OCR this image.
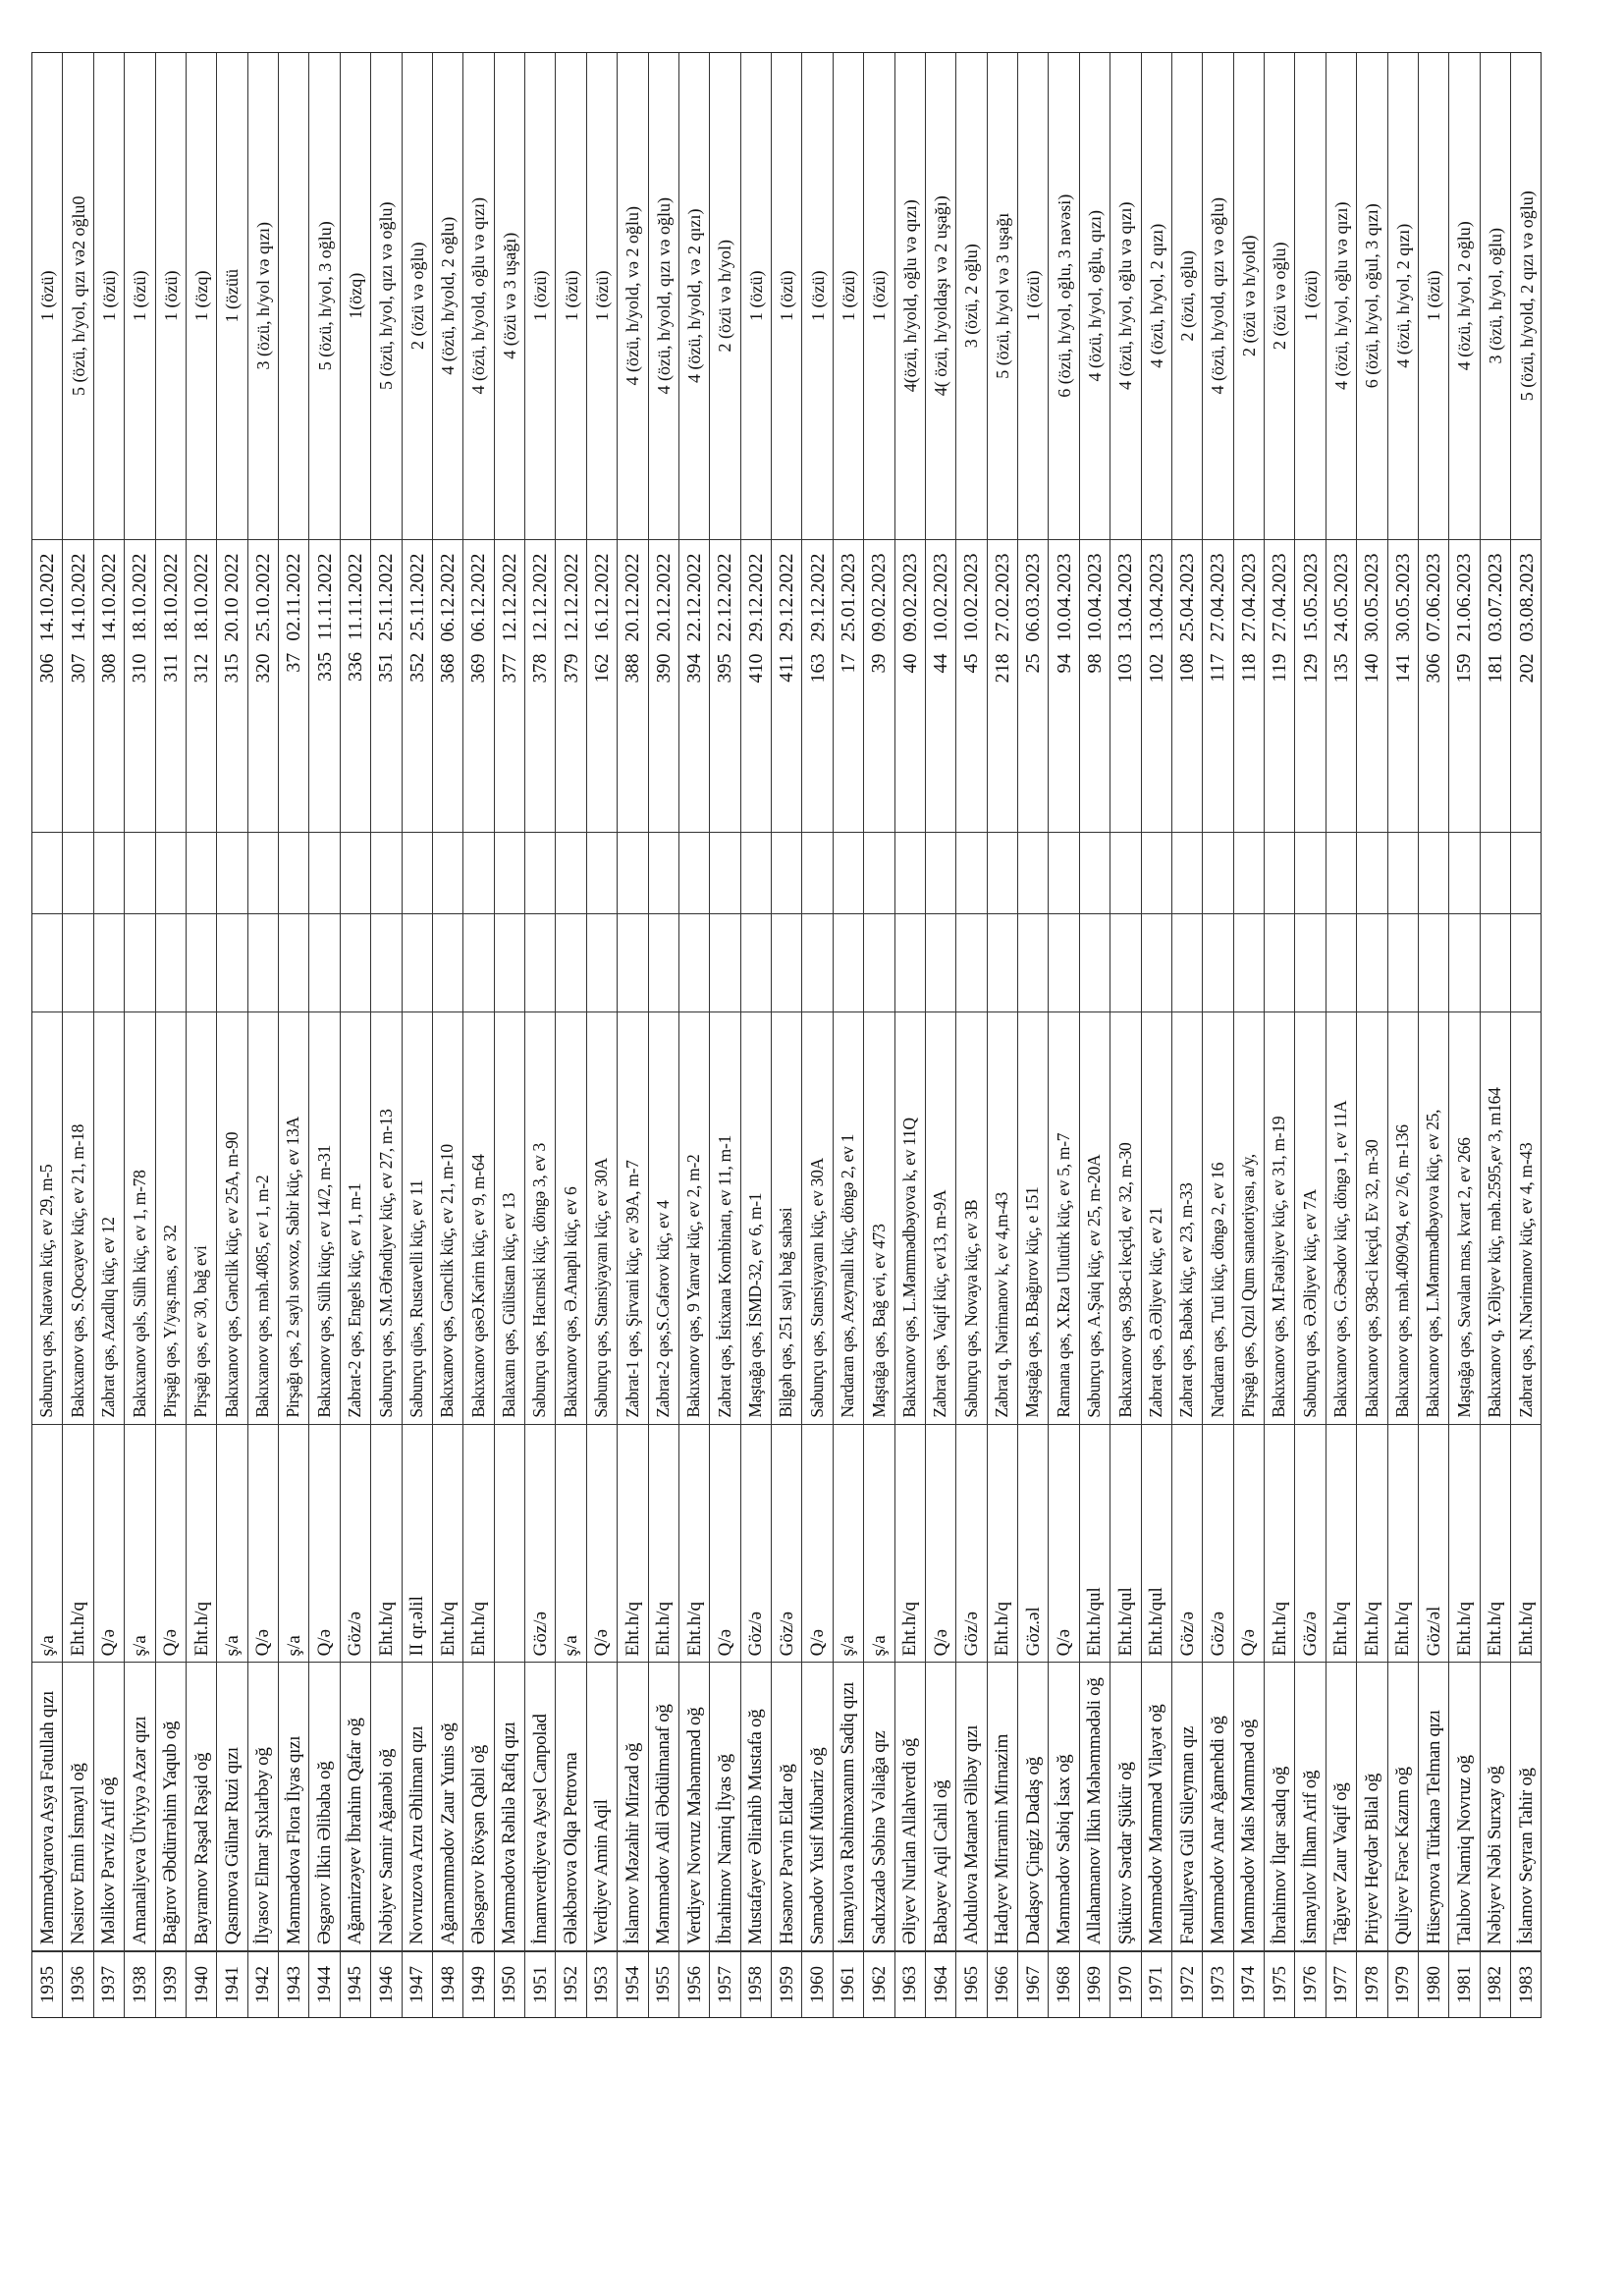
1935
Məmmədyarova Asya Fətullah qızı
ş/a
Sabunçu qəs, Natəvan küç, ev 29, m-5
306
14.10.2022
1 (özü)
1936
Nəsirov Emin İsmayıl oğ
Eht.h/q
Bakıxanov qəs, S.Qocayev küç, ev 21, m-18
307
14.10.2022
5 (özü, h/yol, qızı və2 oğlu0
1937
Məlikov Pərviz Arif oğ
Q/ə
Zabrat qəs, Azadlıq küç, ev 12
308
14.10.2022
1 (özü)
1938
Amanaliyeva Ülviyyə Azər qızı
ş/a
Bakıxanov qəls, Sülh küç, ev 1, m-78
310
18.10.2022
1 (özü)
1939
Bağırov Əbdürrəhim Yaqub oğ
Q/ə
Pirşağı qəs, Y/yaş.mas, ev 32
311
18.10.2022
1 (özü)
1940
Bayramov Rəşad Rəşid oğ
Eht.h/q
Pirşağı qəs, ev 30, bağ evi
312
18.10.2022
1 (özq)
1941
Qasımova Gülnar Ruzi qızı
ş/a
Bakıxanov qəs, Gənclik küç, ev 25A, m-90
315
20.10 2022
1 (özüü
1942
İlyasov Elmar Şıxlarbəy oğ
Q/ə
Bakıxanov qəs, məh.4085, ev 1, m-2
320
25.10.2022
3 (özü, h/yol və qızı)
1943
Məmmədova Flora İlyas qızı
ş/a
Pirşağı qəs, 2 saylı sovxoz, Sabir küç, ev 13A
37
02.11.2022
1944
Əsgərov İlkin Əlibaba oğ
Q/ə
Bakıxanov qəs, Sülh küqç, ev 14/2, m-31
335
11.11.2022
5 (özü, h/yol, 3 oğlu)
1945
Ağamirzəyev İbrahim Qafar oğ
Göz/ə
Zabrat-2 qəs, Engels küç, ev 1, m-1
336
11.11.2022
1(özq)
1946
Nəbiyev Samir Ağanəbi oğ
Eht.h/q
Sabunçu qəs, S.M.Əfəndiyev küç, ev 27, m-13
351
25.11.2022
5 (özü, h/yol, qızı və oğlu)
1947
Novruzova Arzu Əhliman qızı
II qr.əlil
Sabunçu qüəs, Rustavelli küç, ev 11
352
25.11.2022
2 (özü və oğlu)
1948
Ağaməmmədov Zaur Yunis oğ
Eht.h/q
Bakıxanov qəs, Gənclik küç, ev 21, m-10
368
06.12.2022
4 (özü, h/yold, 2 oğlu)
1949
Ələsgərov Rövşən Qabil oğ
Eht.h/q
Bakıxanov qəsƏ.Kərim küç, ev 9, m-64
369
06.12.2022
4 (özü, h/yold, oğlu və qızı)
1950
Məmmədova Rəhilə Rafiq qızı
Balaxanı qəs, Gülüstan küç, ev 13
377
12.12.2022
4 (özü və 3 uşağı)
1951
İmamverdiyeva Aysel Canpolad
Göz/ə
Sabunçu qəs, Hacınski küç, döngə 3, ev 3
378
12.12.2022
1 (özü)
1952
Ələkbərova Olqa Petrovna
ş/a
Bakıxanov qəs, Ə.Anaplı küç, ev 6
379
12.12.2022
1 (özü)
1953
Verdiyev Amin Aqil
Q/ə
Sabunçu qəs, Stansiyayanı küç, ev 30A
162
16.12.2022
1 (özü)
1954
İslamov Məzahir Mirzad oğ
Eht.h/q
Zabrat-1 qəs, Şirvani küç, ev 39A, m-7
388
20.12.2022
4 (özü, h/yold, və 2 oğlu)
1955
Məmmədov Adil Əbdülmanaf oğ
Eht.h/q
Zabrat-2 qəs,S.Cəfərov küç, ev 4
390
20.12.2022
4 (özü, h/yold, qızı və oğlu)
1956
Verdiyev Novruz Məhəmməd oğ
Eht.h/q
Bakıxanov qəs, 9 Yanvar küç, ev 2, m-2
394
22.12.2022
4 (özü, h/yold, və 2 qızı)
1957
İbrahimov Namiq İlyas oğ
Q/ə
Zabrat qəs, İstixana Kombinatı, ev 11, m-1
395
22.12.2022
2 (özü və h/yol)
1958
Mustafayev Əlirahib Mustafa oğ
Göz/ə
Maştağa qəs, İSMD-32, ev 6, m-1
410
29.12.2022
1 (özü)
1959
Həsənov Pərvin Eldar oğ
Göz/ə
Bilgəh qəs, 251 saylı bağ sahəsi
411
29.12.2022
1 (özü)
1960
Səmədov Yusif Mübariz oğ
Q/ə
Sabunçu qəs, Stansiyayanı küç, ev 30A
163
29.12.2022
1 (özü)
1961
İsmayılova Rəhiməxanım Sadiq qızı
ş/a
Nardaran qəs, Azeynallı küç, döngə 2, ev 1
17
25.01.2023
1 (özü)
1962
Sadıxzadə Səbinə Vəliağa qız
ş/a
Maştağa qəs, Bağ evi, ev 473
39
09.02.2023
1 (özü)
1963
Əliyev Nurlan Allahverdi oğ
Eht.h/q
Bakıxanov qəs, L.Məmmədbəyova k, ev 11Q
40
09.02.2023
4(özü, h/yold, oğlu və qızı)
1964
Babayev Aqil Cahil oğ
Q/ə
Zabrat qəs, Vaqif küç, ev13, m-9A
44
10.02.2023
4( özü, h/yoldaşı və 2 uşağı)
1965
Abdulova Mətanət Əlibəy qızı
Göz/ə
Sabunçu qəs, Novaya küç, ev 3B
45
10.02.2023
3 (özü, 2 oğlu)
1966
Hadıyev Mirramin Mirnazim
Eht.h/q
Zabrat q, Nərimanov k, ev 4,m-43
218
27.02.2023
5 (özü, h/yol və 3 uşağı
1967
Dadaşov Çingiz Dadaş oğ
Göz.əl
Maştağa qəs, B.Bağırov küç, e 151
25
06.03.2023
1 (özü)
1968
Məmmədov Sabiq İsax oğ
Q/ə
Ramana qəs, X.Rza Ulutürk küç, ev 5, m-7
94
10.04.2023
6 (özü, h/yol, oğlu, 3 nəvəsi)
1969
Allahamanov İlkin Məhəmmədəli oğ
Eht.h/qul
Sabunçu qəs, A.Şaiq küç, ev 25, m-20A
98
10.04.2023
4 (özü, h/yol, oğlu, qızı)
1970
Şükürov Sərdar Şükür oğ
Eht.h/qul
Bakıxanov qəs, 938-ci keçid, ev 32, m-30
103
13.04.2023
4 (özü, h/yol, oğlu və qızı)
1971
Məmmədov Məmməd Vilayət oğ
Eht.h/qul
Zabrat qəs, Ə.Əliyev küç, ev 21
102
13.04.2023
4 (özü, h/yol, 2 qızı)
1972
Fətullayeva Gül Süleyman qız
Göz/ə
Zabrat qəs, Babək küç, ev 23, m-33
108
25.04.2023
2 (özü, oğlu)
1973
Məmmədov Anar Ağamehdi oğ
Göz/ə
Nardaran qəs, Tuti küç, döngə 2, ev 16
117
27.04.2023
4 (özü, h/yold, qızı və oğlu)
1974
Məmmədov Mais Məmməd oğ
Q/ə
Pirşağı qəs, Qızıl Qum sanatoriyası, a/y,
118
27.04.2023
2 (özü və h/yold)
1975
İbrahimov İlqar sadıq oğ
Eht.h/q
Bakıxanov qəs, M.Fətəliyev küç, ev 31, m-19
119
27.04.2023
2 (özü və oğlu)
1976
İsmayılov İlham Arif oğ
Göz/ə
Sabunçu qəs, Ə.Əliyev küç, ev 7A
129
15.05.2023
1 (özü)
1977
Tağıyev Zaur Vaqif oğ
Eht.h/q
Bakıxanov qəs, G.Əsədov küç, döngə 1, ev 11A
135
24.05.2023
4 (özü, h/yol, oğlu və qızı)
1978
Piriyev Heydər Bilal oğ
Eht.h/q
Bakıxanov qəs, 938-ci keçid, Ev 32, m-30
140
30.05.2023
6 (özü, h/yol, oğul, 3 qızı)
1979
Quliyev Fərəc Kazım oğ
Eht.h/q
Bakıxanov qəs, məh.4090/94, ev 2/6, m-136
141
30.05.2023
4 (özü, h/yol, 2 qızı)
1980
Hüseynova Türkanə Telman qızı
Göz/əl
Bakıxanov qəs, L.Məmmədbəyova küç, ev 25,
306
07.06.2023
1 (özü)
1981
Talıbov Namiq Novruz oğ
Eht.h/q
Maştağa qəs, Savalan mas, kvart 2, ev 266
159
21.06.2023
4 (özü, h/yol, 2 oğlu)
1982
Nəbiyev Nəbi Surxay oğ
Eht.h/q
Bakıxanov q, Y.Əliyev küç, məh.2595,ev 3, m164
181
03.07.2023
3 (özü, h/yol, oğlu)
1983
İslamov Seyran Tahir oğ
Eht.h/q
Zabrat qəs, N.Nərimanov küç, ev 4, m-43
202
03.08.2023
5 (özü, h/yold, 2 qızı və oğlu)
